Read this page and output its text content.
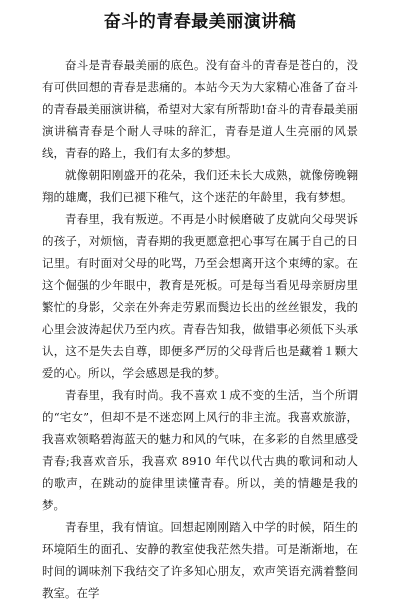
奋斗的青春最美丽演讲稿

奋斗是青春最美丽的底色。没有奋斗的青春是苍白的，没有可供回想的青春是悲痛的。本站今天为大家精心准备了奋斗的青春最美丽演讲稿，希望对大家有所帮助!奋斗的青春最美丽演讲稿青春是个耐人寻味的辞汇，青春是道人生亮丽的风景线，青春的路上，我们有太多的梦想。

就像朝阳刚盛开的花朵，我们还未长大成熟，就像傍晚翱翔的雄鹰，我们已褪下稚气，这个迷茫的年龄里，我有梦想。

青春里，我有叛逆。不再是小时候磨破了皮就向父母哭诉的孩子，对烦恼，青春期的我更愿意把心事写在属于自己的日记里。有时面对父母的叱骂，乃至会想离开这个束缚的家。在这个倔强的少年眼中，教育是死板。可是每当看见母亲厨房里繁忙的身影，父亲在外奔走劳累而鬓边长出的丝丝银发，我的心里会波涛起伏乃至内疚。青春告知我，做错事必须低下头承认，这不是失去自尊，即便多严厉的父母背后也是藏着１颗大爱的心。所以，学会感恩是我的梦。

青春里，我有时尚。我不喜欢１成不变的生活，当个所谓的“宅女”，但却不是不迷恋网上风行的非主流。我喜欢旅游，我喜欢领略碧海蓝天的魅力和风的气味，在多彩的自然里感受青春;我喜欢音乐，我喜欢 8910 年代以代古典的歌词和动人的歌声，在跳动的旋律里读懂青春。所以，美的情趣是我的梦。

青春里，我有情谊。回想起刚刚踏入中学的时候，陌生的环境陌生的面孔、安静的教室使我茫然失措。可是渐渐地，在时间的调味剂下我结交了许多知心朋友，欢声笑语充满着整间教室。在学
